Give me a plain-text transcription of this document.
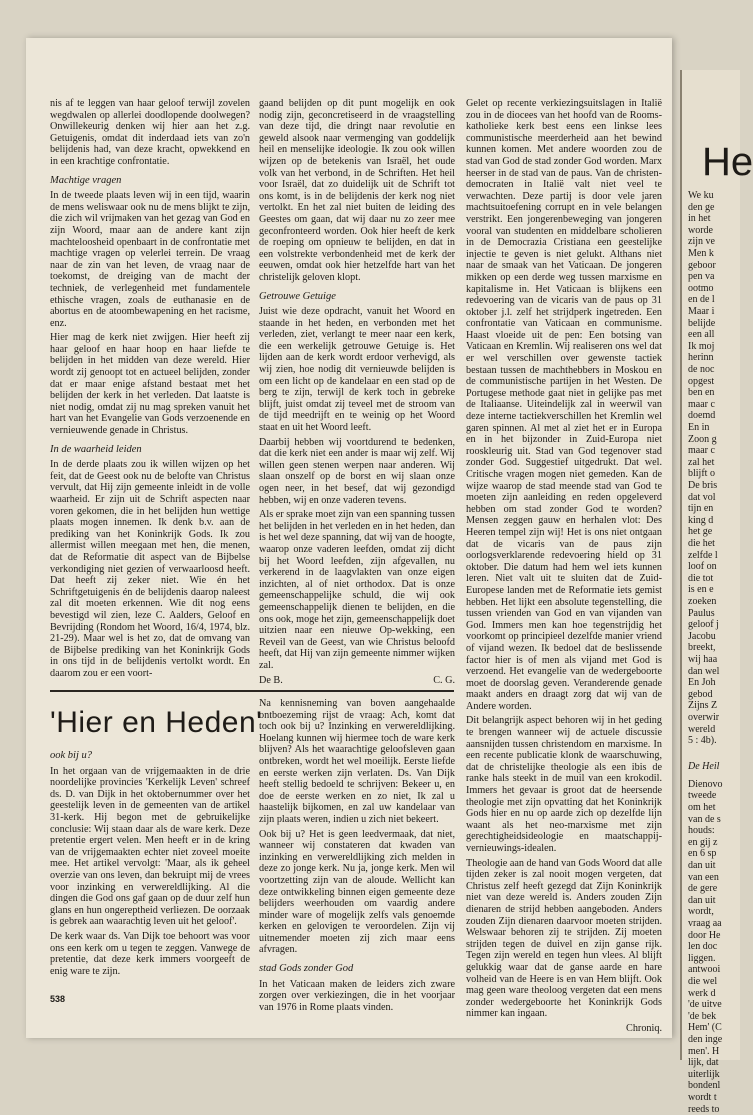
nis af te leggen van haar geloof terwijl zovelen wegdwalen op allerlei doodlopende doolwegen? Onwillekeurig denken wij hier aan het z.g. Getuigenis, omdat dit inderdaad iets van zo'n belijdenis had, van deze kracht, opwekkend en in een krachtige confrontatie.

Machtige vragen

In de tweede plaats leven wij in een tijd, waarin de mens weliswaar ook nu de mens blijkt te zijn, die zich wil vrijmaken van het gezag van God en zijn Woord, maar aan de andere kant zijn machteloosheid openbaart in de confrontatie met machtige vragen op velerlei terrein. De vraag naar de zin van het leven, de vraag naar de toekomst, de dreiging van de macht der techniek, de verlegenheid met fundamentele ethische vragen, zoals de euthanasie en de abortus en de atoombewapening en het racisme, enz.

Hier mag de kerk niet zwijgen. Hier heeft zij haar geloof en haar hoop en haar liefde te belijden in het midden van deze wereld. Hier wordt zij genoopt tot en actueel belijden, zonder dat er maar enige afstand bestaat met het belijden der kerk in het verleden. Dat laatste is niet nodig, omdat zij nu mag spreken vanuit het hart van het Evangelie van Gods verzoenende en vernieuwende genade in Christus.

In de waarheid leiden

In de derde plaats zou ik willen wijzen op het feit, dat de Geest ook nu de belofte van Christus vervult, dat Hij zijn gemeente inleidt in de volle waarheid. Er zijn uit de Schrift aspecten naar voren gekomen, die in het belijden hun wettige plaats mogen innemen. Ik denk b.v. aan de prediking van het Koninkrijk Gods. Ik zou allermist willen meegaan met hen, die menen, dat de Reformatie dit aspect van de Bijbelse verkondiging niet gezien of verwaarloosd heeft. Dat heeft zij zeker niet. Wie én het Schriftgetuigenis én de belijdenis daarop naleest zal dit moeten erkennen. Wie dit nog eens bevestigd wil zien, leze C. Aalders, Geloof en Bevrijding (Rondom het Woord, 16/4, 1974, blz. 21-29). Maar wel is het zo, dat de omvang van de Bijbelse prediking van het Koninkrijk Gods in ons tijd in de belijdenis vertolkt wordt. En daarom zou er een voort-

gaand belijden op dit punt mogelijk en ook nodig zijn, geconcretiseerd in de vraagstelling van deze tijd, die dringt naar revolutie en geweld alsook naar vermenging van goddelijk heil en menselijke ideologie. Ik zou ook willen wijzen op de betekenis van Israël, het oude volk van het verbond, in de Schriften. Het heil voor Israël, dat zo duidelijk uit de Schrift tot ons komt, is in de belijdenis der kerk nog niet vertolkt. En het zal niet buiten de leiding des Geestes om gaan, dat wij daar nu zo zeer mee geconfronteerd worden. Ook hier heeft de kerk de roeping om opnieuw te belijden, en dat in een volstrekte verbondenheid met de kerk der eeuwen, omdat ook hier hetzelfde hart van het christelijk geloven klopt.

Getrouwe Getuige

Juist wie deze opdracht, vanuit het Woord en staande in het heden, en verbonden met het verleden, ziet, verlangt te meer naar een kerk, die een werkelijk getrouwe Getuige is. Het lijden aan de kerk wordt erdoor verhevigd, als wij zien, hoe nodig dit vernieuwde belijden is om een licht op de kandelaar en een stad op de berg te zijn, terwijl de kerk toch in gebreke blijft, juist omdat zij teveel met de stroom van de tijd meedrijft en te weinig op het Woord staat en uit het Woord leeft.

Daarbij hebben wij voortdurend te bedenken, dat die kerk niet een ander is maar wij zelf. Wij willen geen stenen werpen naar anderen. Wij slaan onszelf op de borst en wij slaan onze ogen neer, in het besef, dat wij gezondigd hebben, wij en onze vaderen tevens.

Als er sprake moet zijn van een spanning tussen het belijden in het verleden en in het heden, dan is het wel deze spanning, dat wij van de hoogte, waarop onze vaderen leefden, omdat zij dicht bij het Woord leefden, zijn afgevallen, nu verkerend in de laagvlakten van onze eigen inzichten, al of niet orthodox. Dat is onze gemeenschappelijke schuld, die wij ook gemeenschappelijk dienen te belijden, en die ons ook, moge het zijn, gemeenschappelijk doet uitzien naar een nieuwe Op-wekking, een Reveil van de Geest, van wie Christus beloofd heeft, dat Hij van zijn gemeente nimmer wijken zal.

De B.	C. G.
'Hier en Heden'
ook bij u?

In het orgaan van de vrijgemaakten in de drie noordelijke provincies 'Kerkelijk Leven' schreef ds. D. van Dijk in het oktobernummer over het geestelijk leven in de gemeenten van de artikel 31-kerk. Hij begon met de gebruikelijke conclusie: Wij staan daar als de ware kerk. Deze pretentie ergert velen. Men heeft er in de kring van de vrijgemaakten echter niet zoveel moeite mee. Het artikel vervolgt: 'Maar, als ik geheel overzie van ons leven, dan bekruipt mij de vrees voor inzinking en verwereldlijking. Al die dingen die God ons gaf gaan op de duur zelf hun glans en hun ongereptheid verliezen. De oorzaak is gebrek aan waarachtig leven uit het geloof'.

De kerk waar ds. Van Dijk toe behoort was voor ons een kerk om u tegen te zeggen. Vanwege de pretentie, dat deze kerk immers voorgeeft de enig ware te zijn.

Na kennisneming van boven aangehaalde ontboezeming rijst de vraag: Ach, komt dat toch ook bij u? Inzinking en verwereldlijking. Hoelang kunnen wij hiermee toch de ware kerk blijven? Als het waarachtige geloofsleven gaan ontbreken, wordt het wel moeilijk. Eerste liefde en eerste werken zijn verlaten. Ds. Van Dijk heeft stellig bedoeld te schrijven: Bekeer u, en doe de eerste werken en zo niet, Ik zal u haastelijk bijkomen, en zal uw kandelaar van zijn plaats weren, indien u zich niet bekeert.

Ook bij u? Het is geen leedvermaak, dat niet, wanneer wij constateren dat kwaden van inzinking en verwereldlijking zich melden in deze zo jonge kerk. Nu ja, jonge kerk. Men wil voortzetting zijn van de aloude. Wellicht kan deze ontwikkeling binnen eigen gemeente deze belijders weerhouden om vaardig andere minder ware of mogelijk zelfs vals genoemde kerken en gelovigen te veroordelen. Zijn vij uitnemender moeten zij zich maar eens afvragen.

stad Gods zonder God

In het Vaticaan maken de leiders zich zware zorgen over verkiezingen, die in het voorjaar van 1976 in Rome plaats vinden.

Gelet op recente verkiezingsuitslagen in Italië zou in de diocees van het hoofd van de Rooms-katholieke kerk best eens een linkse lees communistische meerderheid aan het bewind kunnen komen. Met andere woorden zou de stad van God de stad zonder God worden. Marx heerser in de stad van de paus. Van de christen-democraten in Italië valt niet veel te verwachten. Deze partij is door vele jaren machtsuitoefening corrupt en in vele belangen verstrikt. Een jongerenbeweging van jongeren vooral van studenten en middelbare scholieren in de Democrazia Cristiana een geestelijke injectie te geven is niet gelukt. Althans niet naar de smaak van het Vaticaan. De jongeren mikken op een derde weg tussen marxisme en kapitalisme in. Het Vaticaan is blijkens een redevoering van de vicaris van de paus op 31 oktober j.l. zelf het strijdperk ingetreden. Een confrontatie van Vaticaan en communisme. Haast vloeide uit de pen: Een botsing van Vaticaan en Kremlin. Wij realiseren ons wel dat er wel verschillen over gewenste tactiek bestaan tussen de machthebbers in Moskou en de communistische partijen in het Westen. De Portugese methode gaat niet in gelijke pas met de Italiaanse. Uiteindelijk zal in weerwil van deze interne tactiekverschillen het Kremlin wel garen spinnen. Al met al ziet het er in Europa en in het bijzonder in Zuid-Europa niet rooskleurig uit. Stad van God tegenover stad zonder God. Suggestief uitgedrukt. Dat wel. Critische vragen mogen niet gemeden. Kan de wijze waarop de stad meende stad van God te moeten zijn aanleiding en reden opgeleverd hebben om stad zonder God te worden? Mensen zeggen gauw en herhalen vlot: Des Heeren tempel zijn wij! Het is ons niet ontgaan dat de vicaris van de paus zijn oorlogsverklarende redevoering hield op 31 oktober. Die datum had hem wel iets kunnen leren. Niet valt uit te sluiten dat de Zuid-Europese landen met de Reformatie iets gemist hebben. Het lijkt een absolute tegenstelling, die tussen vrienden van God en van vijanden van God. Immers men kan hoe tegenstrijdig het voorkomt op principieel dezelfde manier vriend of vijand wezen. Ik bedoel dat de beslissende factor hier is of men als vijand met God is verzoend. Het evangelie van de wedergeboorte moet de doorslag geven. Veranderende genade maakt anders en draagt zorg dat wij van de Andere worden.

Dit belangrijk aspect behoren wij in het geding te brengen wanneer wij de actuele discussie aansnijden tussen christendom en marxisme. In een recente publicatie klonk de waarschuwing, dat de christelijke theologie als een ibis de ranke hals steekt in de muil van een krokodil. Immers het gevaar is groot dat de heersende theologie met zijn opvatting dat het Koninkrijk Gods hier en nu op aarde zich op dezelfde lijn waant als het neo-marxisme met zijn gerechtigheidsideologie en maatschappij-vernieuwings-idealen.

Theologie aan de hand van Gods Woord dat alle tijden zeker is zal nooit mogen vergeten, dat Christus zelf heeft gezegd dat Zijn Koninkrijk niet van deze wereld is. Anders zouden Zijn dienaren de strijd hebben aangeboden. Anders zouden Zijn dienaren daarvoor moeten strijden. Welswaar behoren zij te strijden. Zij moeten strijden tegen de duivel en zijn ganse rijk. Tegen zijn wereld en tegen hun vlees. Al blijft gelukkig waar dat de ganse aarde en hare volheid van de Heere is en van Hem blijft. Ook mag geen ware theoloog vergeten dat een mens zonder wedergeboorte het Koninkrijk Gods nimmer kan ingaan.

Chroniq.
538
He
We ku
den ge
in het
worde
zijn ve
Men k
geboor
pen va
ootmo
en de l
Maar i
belijde
een all
Ik moj
herinn
de noc
opgest
ben en
maar c
doemd
En in
Zoon g
maar c
zal het
blijft o
De bris
dat vol
tijn en
king d
het ge
die het
zelfde l
loof on
die tot
is en e
zoeken
Paulus
geloof j
Jacobu
breekt,
wij haa
dan wel
En Joh
gebod
Zijns Z
overwir
wereld
5 : 4b).
De Heil
Dienovo
tweede
om het
van de s
houds:
en gij z
en 6 sp
dan uit
van een
de gere
dan uit
wordt,
vraag aa
door He
len doc
liggen.
antwooi
die wel
werk d
'de uitve
'de bek
Hem' (C
den inge
men'. H
lijk, dat
uiterlijk
bondenl
wordt t
reeds to
